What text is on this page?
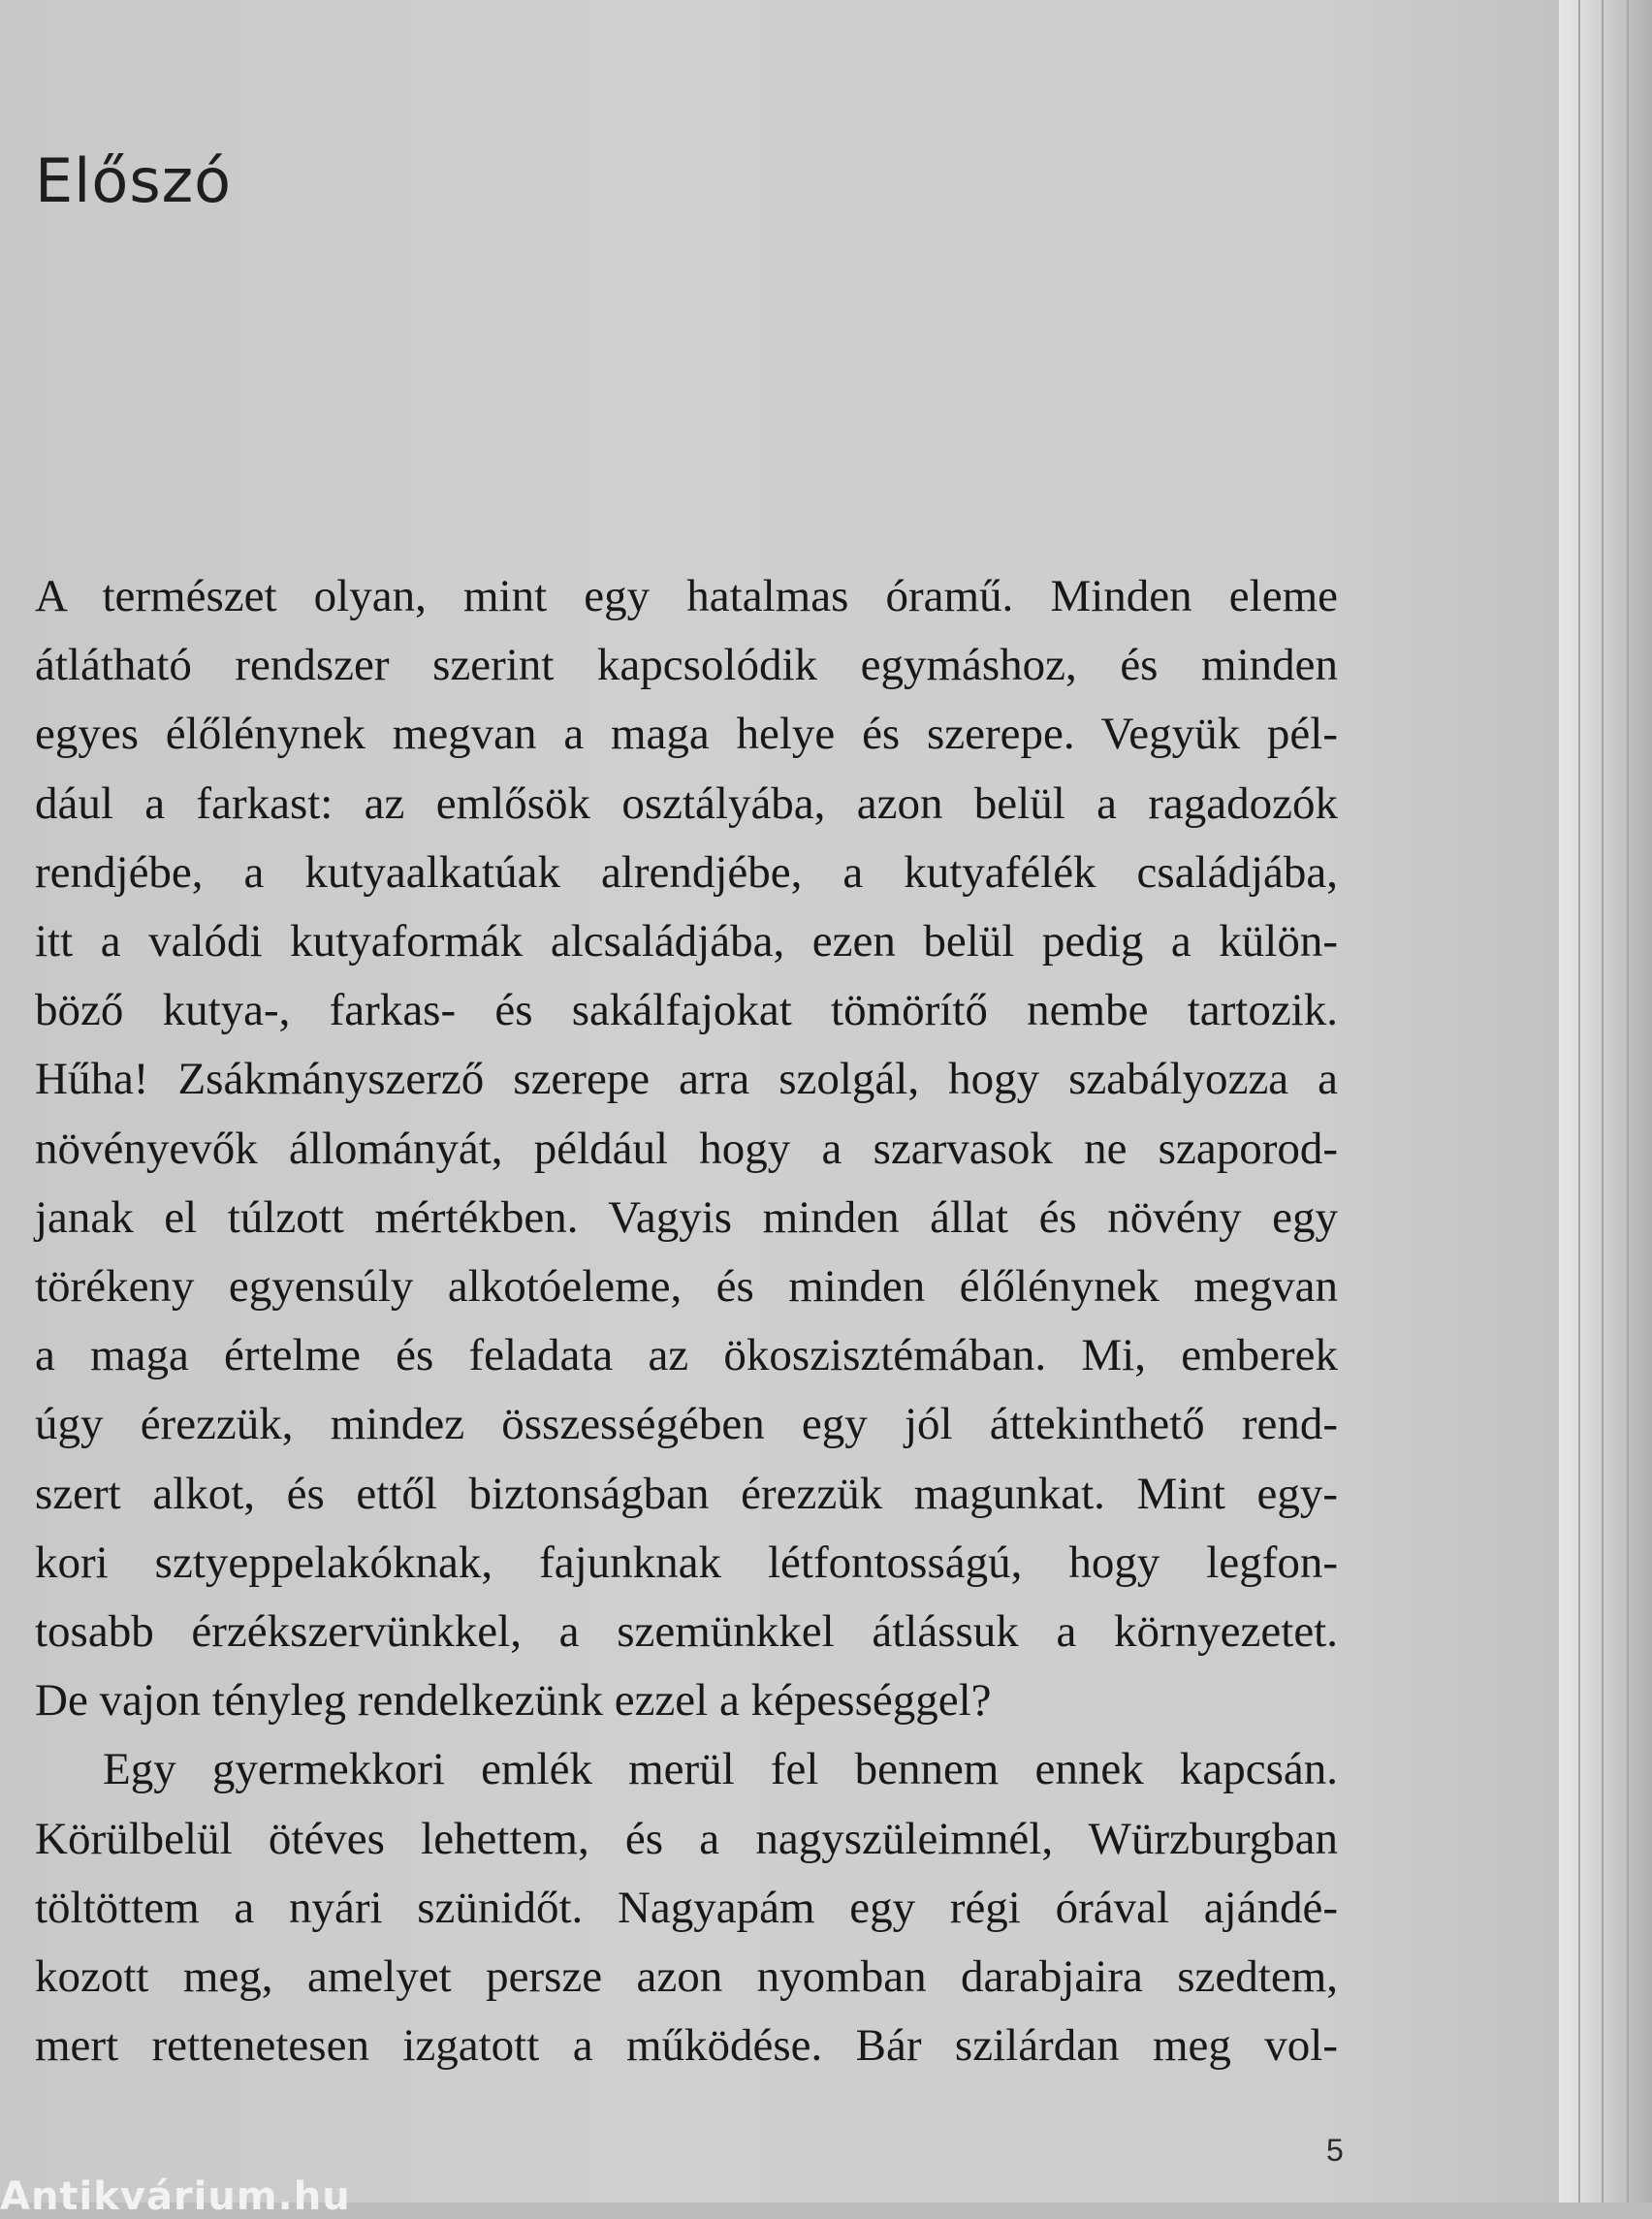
Előszó

A természet olyan, mint egy hatalmas óramű. Minden eleme
átlátható rendszer szerint kapcsolódik egymáshoz, és minden
egyes élőlénynek megvan a maga helye és szerepe. Vegyük pél-
dául a farkast: az emlősök osztályába, azon belül a ragadozók
rendjébe, a kutyaalkatúak alrendjébe, a kutyafélék családjába,
itt a valódi kutyaformák alcsaládjába, ezen belül pedig a külön-
böző kutya-, farkas- és sakálfajokat tömörítő nembe tartozik.
Hűha! Zsákmányszerző szerepe arra szolgál, hogy szabályozza a
növényevők állományát, például hogy a szarvasok ne szaporod-
janak el túlzott mértékben. Vagyis minden állat és növény egy
törékeny egyensúly alkotóeleme, és minden élőlénynek megvan
a maga értelme és feladata az ökoszisztémában. Mi, emberek
úgy érezzük, mindez összességében egy jól áttekinthető rend-
szert alkot, és ettől biztonságban érezzük magunkat. Mint egy-
kori sztyeppelakóknak, fajunknak létfontosságú, hogy legfon-
tosabb érzékszervünkkel, a szemünkkel átlássuk a környezetet.
De vajon tényleg rendelkezünk ezzel a képességgel?

Egy gyermekkori emlék merül fel bennem ennek kapcsán.
Körülbelül ötéves lehettem, és a nagyszüleimnél, Würzburgban
töltöttem a nyári szünidőt. Nagyapám egy régi órával ajándé-
kozott meg, amelyet persze azon nyomban darabjaira szedtem,
mert rettenetesen izgatott a működése. Bár szilárdan meg vol-

5
Antikvárium.hu
